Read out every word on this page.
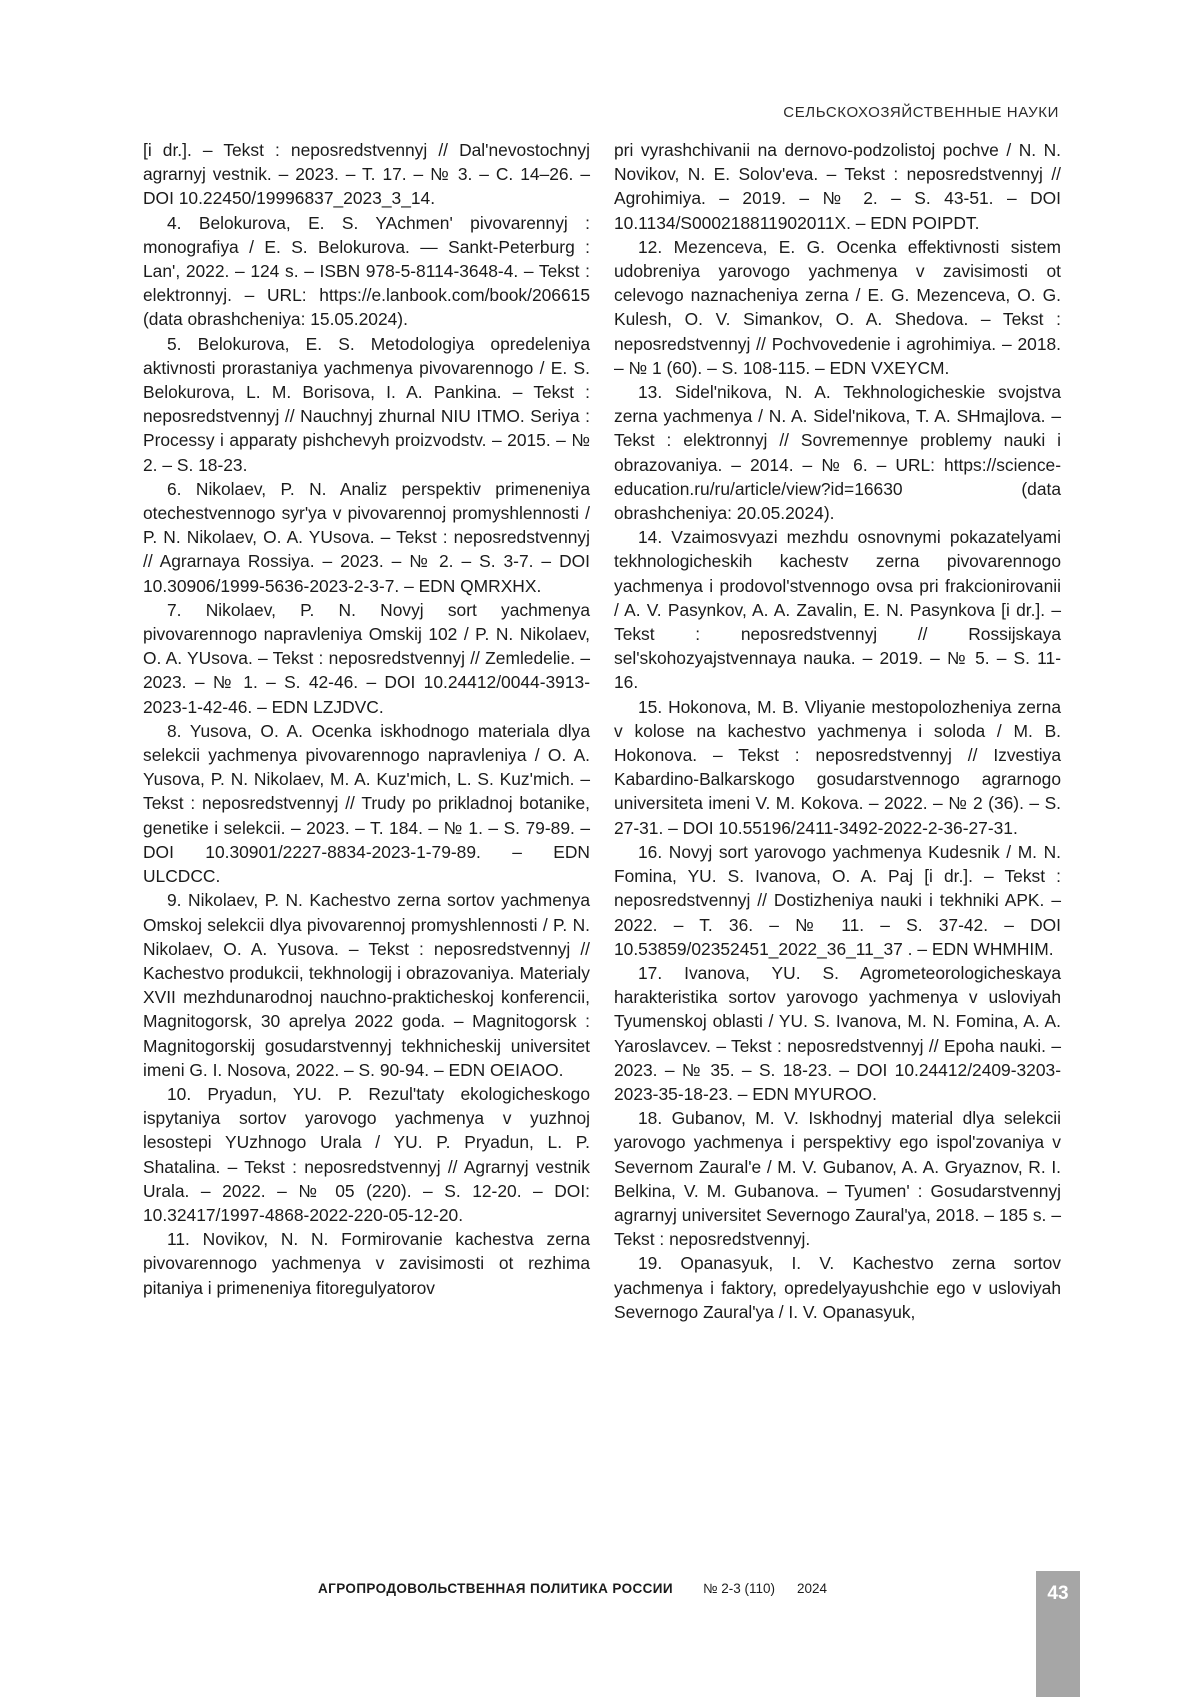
СЕЛЬСКОХОЗЯЙСТВЕННЫЕ НАУКИ

[i dr.]. – Tekst : neposredstvennyj // Dal'nevostochnyj agrarnyj vestnik. – 2023. – T. 17. – № 3. – С. 14–26. – DOI 10.22450/19996837_2023_3_14.

4. Belokurova, E. S. YAchmen' pivovarennyj : monografiya / E. S. Belokurova. — Sankt-Peterburg : Lan', 2022. – 124 s. – ISBN 978-5-8114-3648-4. – Tekst : elektronnyj. – URL: https://e.lanbook.com/book/206615 (data obrashcheniya: 15.05.2024).

5. Belokurova, E. S. Metodologiya opredeleniya aktivnosti prorastaniya yachmenya pivovarennogo / E. S. Belokurova, L. M. Borisova, I. A. Pankina. – Tekst : neposredstvennyj // Nauchnyj zhurnal NIU ITMO. Seriya : Processy i apparaty pishchevyh proizvodstv. – 2015. – № 2. – S. 18-23.

6. Nikolaev, P. N. Analiz perspektiv primeneniya otechestvennogo syr'ya v pivovarennoj promyshlennosti / P. N. Nikolaev, O. A. YUsova. – Tekst : neposredstvennyj // Agrarnaya Rossiya. – 2023. – № 2. – S. 3-7. – DOI 10.30906/1999-5636-2023-2-3-7. – EDN QMRXHX.

7. Nikolaev, P. N. Novyj sort yachmenya pivovarennogo napravleniya Omskij 102 / P. N. Nikolaev, O. A. YUsova. – Tekst : neposredstvennyj // Zemledelie. – 2023. – № 1. – S. 42-46. – DOI 10.24412/0044-3913-2023-1-42-46. – EDN LZJDVC.

8. Yusova, O. A. Ocenka iskhodnogo materiala dlya selekcii yachmenya pivovarennogo napravleniya / O. A. Yusova, P. N. Nikolaev, M. A. Kuz'mich, L. S. Kuz'mich. – Tekst : neposredstvennyj // Trudy po prikladnoj botanike, genetike i selekcii. – 2023. – T. 184. – № 1. – S. 79-89. – DOI 10.30901/2227-8834-2023-1-79-89. – EDN ULCDCC.

9. Nikolaev, P. N. Kachestvo zerna sortov yachmenya Omskoj selekcii dlya pivovarennoj promyshlennosti / P. N. Nikolaev, O. A. Yusova. – Tekst : neposredstvennyj // Kachestvo produkcii, tekhnologij i obrazovaniya. Materialy XVII mezhdunarodnoj nauchno-prakticheskoj konferencii, Magnitogorsk, 30 aprelya 2022 goda. – Magnitogorsk : Magnitogorskij gosudarstvennyj tekhnicheskij universitet imeni G. I. Nosova, 2022. – S. 90-94. – EDN OEIAOO.

10. Pryadun, YU. P. Rezul'taty ekologicheskogo ispytaniya sortov yarovogo yachmenya v yuzhnoj lesostepi YUzhnogo Urala / YU. P. Pryadun, L. P. Shatalina. – Tekst : neposredstvennyj // Agrarnyj vestnik Urala. – 2022. – № 05 (220). – S. 12-20. – DOI: 10.32417/1997-4868-2022-220-05-12-20.

11. Novikov, N. N. Formirovanie kachestva zerna pivovarennogo yachmenya v zavisimosti ot rezhima pitaniya i primeneniya fitoregulyatorov

pri vyrashchivanii na dernovo-podzolistoj pochve / N. N. Novikov, N. E. Solov'eva. – Tekst : neposredstvennyj // Agrohimiya. – 2019. – № 2. – S. 43-51. – DOI 10.1134/S000218811902011X. – EDN POIPDT.

12. Mezenceva, E. G. Ocenka effektivnosti sistem udobreniya yarovogo yachmenya v zavisimosti ot celevogo naznacheniya zerna / E. G. Mezenceva, O. G. Kulesh, O. V. Simankov, O. A. Shedova. – Tekst : neposredstvennyj // Pochvovedenie i agrohimiya. – 2018. – № 1 (60). – S. 108-115. – EDN VXEYCM.

13. Sidel'nikova, N. A. Tekhnologicheskie svojstva zerna yachmenya / N. A. Sidel'nikova, T. A. SHmajlova. – Tekst : elektronnyj // Sovremennye problemy nauki i obrazovaniya. – 2014. – № 6. – URL: https://science-education.ru/ru/article/view?id=16630 (data obrashcheniya: 20.05.2024).

14. Vzaimosvyazi mezhdu osnovnymi pokazatelyami tekhnologicheskih kachestv zerna pivovarennogo yachmenya i prodovol'stvennogo ovsa pri frakcionirovanii / A. V. Pasynkov, A. A. Zavalin, E. N. Pasynkova [i dr.]. – Tekst : neposredstvennyj // Rossijskaya sel'skohozyajstvennaya nauka. – 2019. – № 5. – S. 11-16.

15. Hokonova, M. B. Vliyanie mestopolozheniya zerna v kolose na kachestvo yachmenya i soloda / M. B. Hokonova. – Tekst : neposredstvennyj // Izvestiya Kabardino-Balkarskogo gosudarstvennogo agrarnogo universiteta imeni V. M. Kokova. – 2022. – № 2 (36). – S. 27-31. – DOI 10.55196/2411-3492-2022-2-36-27-31.

16. Novyj sort yarovogo yachmenya Kudesnik / M. N. Fomina, YU. S. Ivanova, O. A. Paj [i dr.]. – Tekst : neposredstvennyj // Dostizheniya nauki i tekhniki APK. – 2022. – T. 36. – № 11. – S. 37-42. – DOI 10.53859/02352451_2022_36_11_37 . – EDN WHMHIM.

17. Ivanova, YU. S. Agrometeorologicheskaya harakteristika sortov yarovogo yachmenya v usloviyah Tyumenskoj oblasti / YU. S. Ivanova, M. N. Fomina, A. A. Yaroslavcev. – Tekst : neposredstvennyj // Epoha nauki. – 2023. – № 35. – S. 18-23. – DOI 10.24412/2409-3203-2023-35-18-23. – EDN MYUROO.

18. Gubanov, M. V. Iskhodnyj material dlya selekcii yarovogo yachmenya i perspektivy ego ispol'zovaniya v Severnom Zaural'e / M. V. Gubanov, A. A. Gryaznov, R. I. Belkina, V. M. Gubanova. – Tyumen' : Gosudarstvennyj agrarnyj universitet Severnogo Zaural'ya, 2018. – 185 s. – Tekst : neposredstvennyj.

19. Opanasyuk, I. V. Kachestvo zerna sortov yachmenya i faktory, opredelyayushchie ego v usloviyah Severnogo Zaural'ya / I. V. Opanasyuk,

АГРОПРОДОВОЛЬСТВЕННАЯ ПОЛИТИКА РОССИИ № 2-3 (110) 2024	43
